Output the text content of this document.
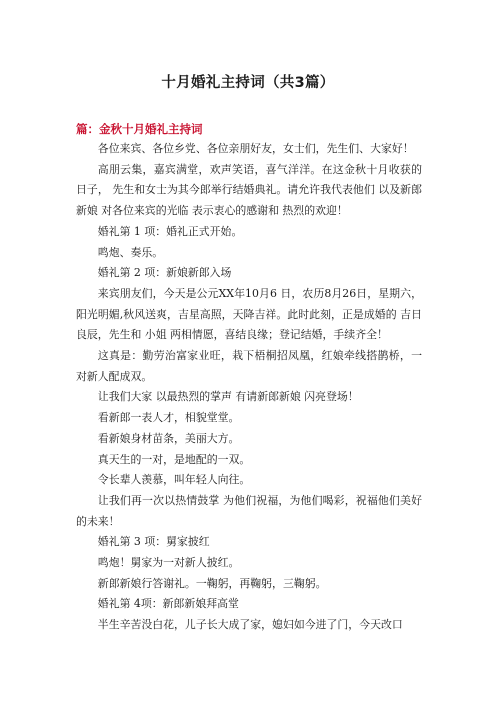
十月婚礼主持词（共3篇）
篇：金秋十月婚礼主持词

各位来宾、各位乡党、各位亲朋好友，女士们，先生们、大家好！

高朋云集，嘉宾满堂，欢声笑语，喜气洋洋。在这金秋十月收获的日子， 先生和女士为其今郎举行结婚典礼。请允许我代表他们 以及新郎新娘 对各位来宾的光临 表示衷心的感谢和 热烈的欢迎！

婚礼第 1 项：婚礼正式开始。

鸣炮、奏乐。

婚礼第 2 项：新娘新郎入场

来宾朋友们，今天是公元XX年10月6 日，农历8月26日，星期六，阳光明媚,秋风送爽，吉星高照，天降吉祥。此时此刻，正是成婚的 吉日良辰，先生和 小姐 两相情愿，喜结良缘；登记结婚，手续齐全！

这真是：勤劳治富家业旺，栽下梧桐招凤凰，红娘牵线搭鹊桥，一对新人配成双。

让我们大家 以最热烈的掌声 有请新郎新娘 闪亮登场！

看新郎一表人才，相貌堂堂。

看新娘身材苗条，美丽大方。

真天生的一对，是地配的一双。

令长辈人羡慕，叫年轻人向往。

让我们再一次以热情鼓掌 为他们祝福，为他们喝彩，祝福他们美好的未来！

婚礼第 3 项：舅家披红

鸣炮！舅家为一对新人披红。

新郎新娘行答谢礼。一鞠躬，再鞠躬，三鞠躬。

婚礼第 4项：新郎新娘拜高堂

半生辛苦没白花，儿子长大成了家，媳妇如今进了门，今天改口
